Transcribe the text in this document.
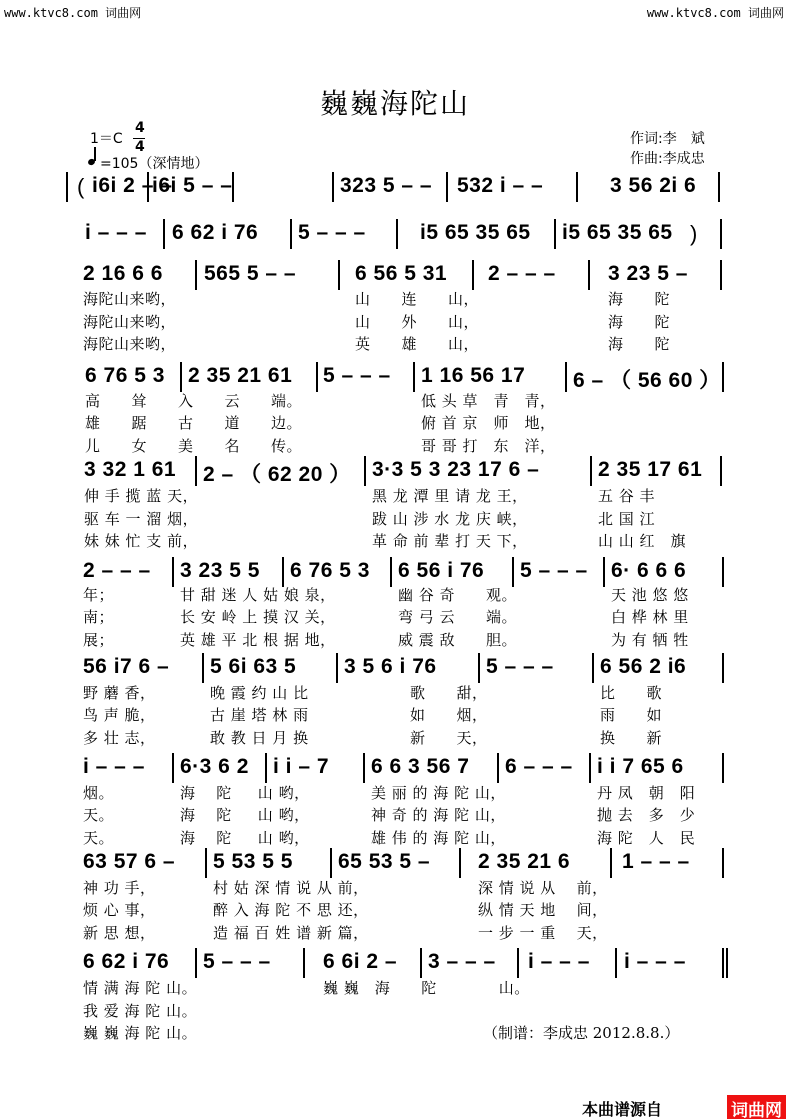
www.ktvc8.com 词曲网	www.ktvc8.com 词曲网
巍巍海陀山
1＝C
4
4
=105（深情地）
作词:李　斌
作曲:李成忠
( i6i 2 – –
i6i 5 – –	323 5 – – 532 i – –	3 56 2i 6
i – – – 6 62 i 76 5 – – –	i5 65 35 65 i5 65 35 65 )
2 16 6 6 565 5 – –	6 56 5 31 2 – – – 3 23 5 –
6 76 5 3 2 35 21 61 5 – – – 1 16 56 17 6 – （ 56 60 ）
3 32 1 61 2 – （ 62 20 ） 3·3 5 3 23 17 6 –	2 35 17 61
2 – – – 3 23 5 5 6 76 5 3 6 56 i 76 5 – – – 6· 6 6 6
56 i7 6 – 5 6i 63 5 3 5 6 i 76 5 – – – 6 56 2 i6
i – – – 6·3 6 2 i i – 7 6 6 3 56 7 6 – – – i i 7 65 6
63 57 6 – 5 53 5 5 65 53 5 – 2 35 21 6 1 – – –
6 62 i 76 5 – – – 6 6i 2 – 3 – – – i – – – i – – –
海陀山来哟，	山　　连　　山，	海　　陀
海陀山来哟，	山　　外　　山，	海　　陀
海陀山来哟，	英　　雄　　山，	海　　陀
高　　耸　　入　　云　　端。	低 头 草　青　青，
雄　　踞　　古　　道　　边。	俯 首 京　师　地，
儿　　女　　美　　名　　传。	哥 哥 打　东　洋，
伸 手 揽 蓝 天，	黑 龙 潭 里 请 龙 王，	五 谷 丰
驱 车 一 溜 烟，	跋 山 涉 水 龙 庆 峡，	北 国 江
妹 妹 忙 支 前，	革 命 前 辈 打 天 下，	山 山 红　旗
年；	甘 甜 迷 人 姑 娘 泉，	幽 谷 奇　　观。	天 池 悠 悠
南；	长 安 岭 上 摸 汉 关，	弯 弓 云　　端。	白 桦 林 里
展；	英 雄 平 北 根 据 地，	威 震 敌　　胆。	为 有 牺 牲
野 蘑 香，	晚 霞 约 山 比	歌　　甜，	比　　歌
鸟 声 脆，	古 崖 塔 林 雨	如　　烟，	雨　　如
多 壮 志，	敢 教 日 月 换	新　　天，	换　　新
烟。	海　 陀 　 山 哟，	美 丽 的 海 陀 山，	丹 凤　朝　阳
天。	海　 陀 　 山 哟，	神 奇 的 海 陀 山，	抛 去　多　少
天。	海　 陀 　 山 哟，	雄 伟 的 海 陀 山，	海 陀　人　民
神 功 手，	村 姑 深 情 说 从 前，	深 情 说 从　 前，
烦 心 事，	醉 入 海 陀 不 思 还，	纵 情 天 地　 间，
新 思 想，	造 福 百 姓 谱 新 篇，	一 步 一 重　 天，
情 满 海 陀 山。	巍 巍　海　　陀　　　　山。
我 爱 海 陀 山。
巍 巍 海 陀 山。	（制谱：李成忠 2012.8.8.）
本曲谱源自	词曲网
